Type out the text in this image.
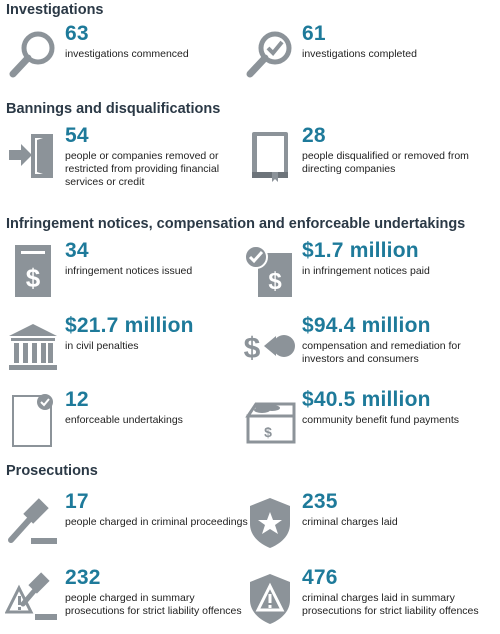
Investigations
Bannings and disqualifications
Infringement notices, compensation and enforceable undertakings
Prosecutions
63
investigations commenced
61
investigations completed
54
people or companies removed or restricted from providing financial services or credit
28
people disqualified or removed from directing companies
$
34
infringement notices issued	$
$1.7 million
in infringement notices paid
$21.7 million
in civil penalties	$
$94.4 million
compensation and remediation for investors and consumers
12
enforceable undertakings
$
$40.5 million
community benefit fund payments
17
people charged in criminal proceedings
235
criminal charges laid
232
people charged in summary prosecutions for strict liability offences
476
criminal charges laid in summary prosecutions for strict liability offences
